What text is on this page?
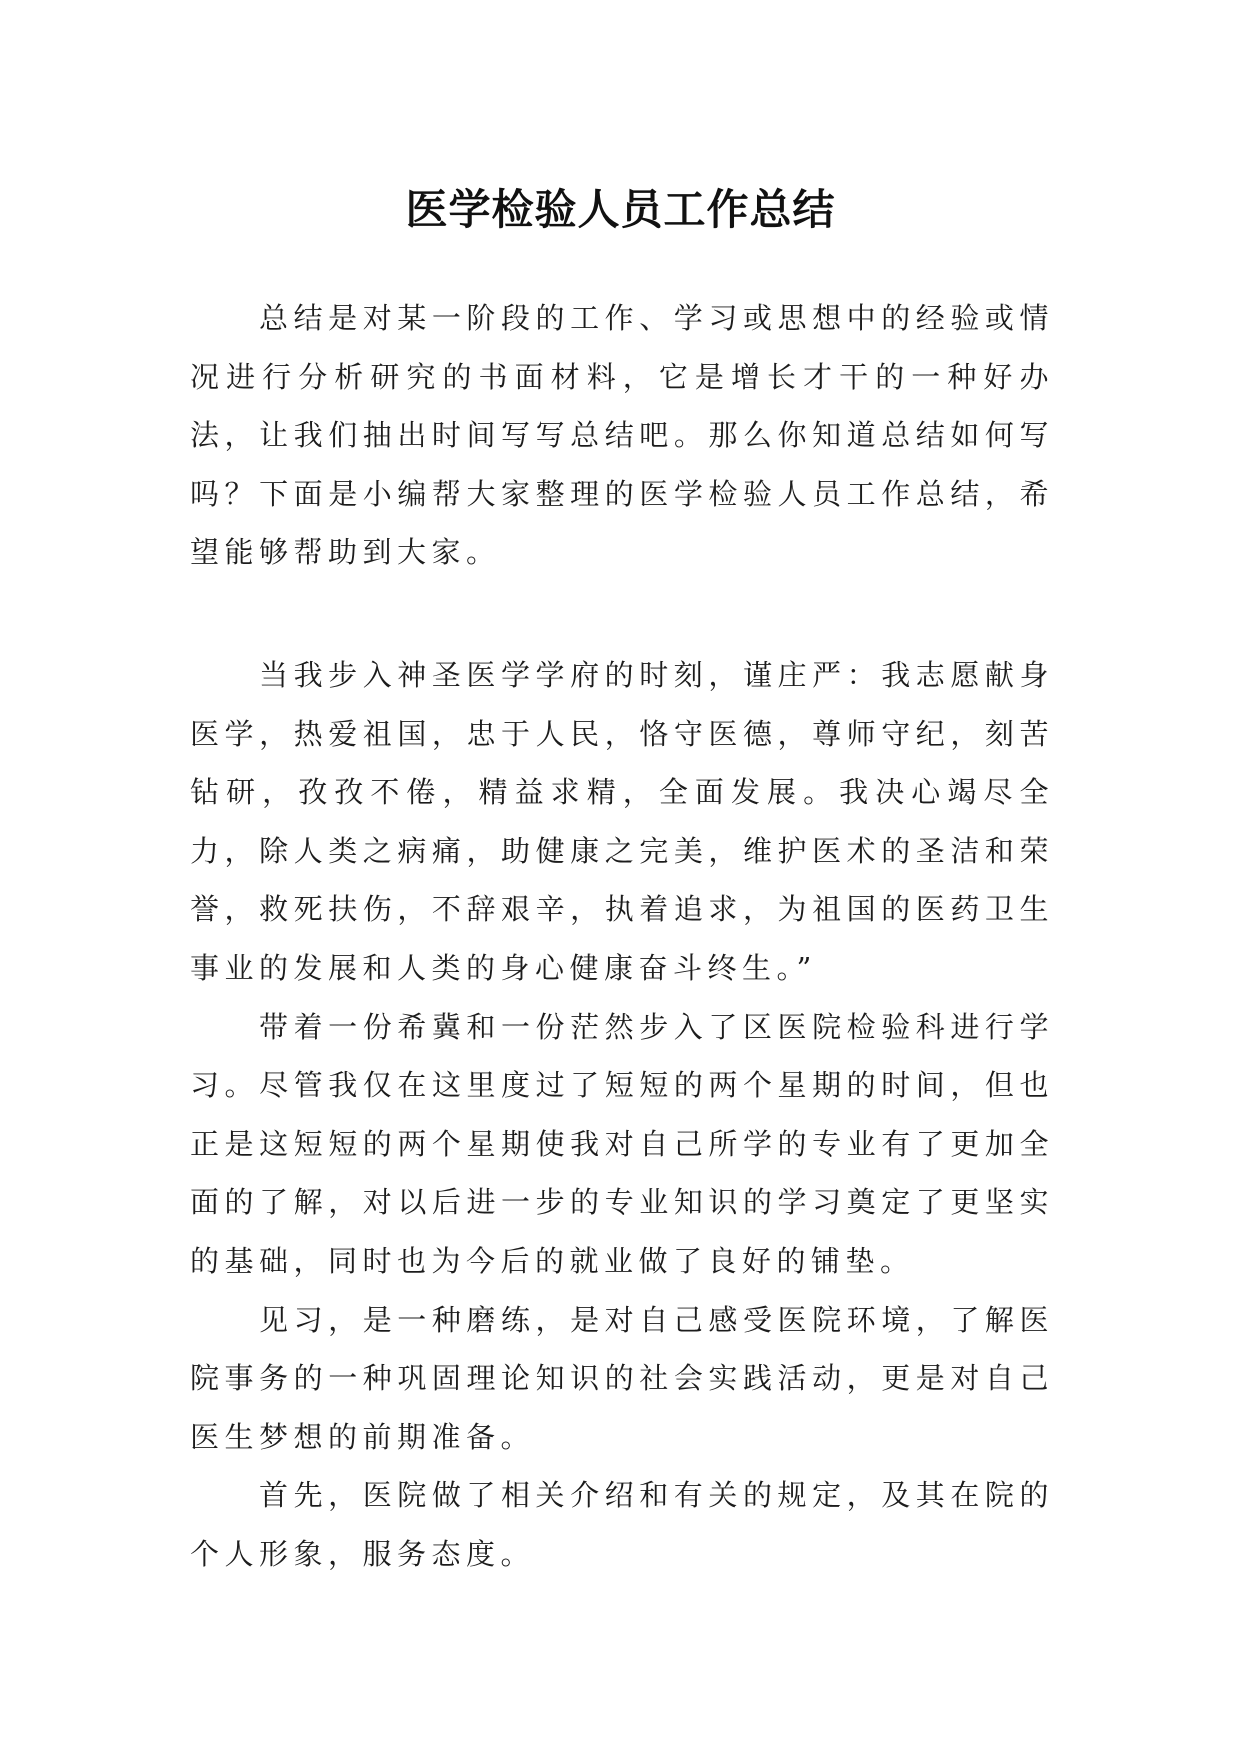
医学检验人员工作总结

总结是对某一阶段的工作、学习或思想中的经验或情况进行分析研究的书面材料，它是增长才干的一种好办法，让我们抽出时间写写总结吧。那么你知道总结如何写吗？下面是小编帮大家整理的医学检验人员工作总结，希望能够帮助到大家。

当我步入神圣医学学府的时刻，谨庄严：我志愿献身医学，热爱祖国，忠于人民，恪守医德，尊师守纪，刻苦钻研，孜孜不倦，精益求精，全面发展。我决心竭尽全力，除人类之病痛，助健康之完美，维护医术的圣洁和荣誉，救死扶伤，不辞艰辛，执着追求，为祖国的医药卫生事业的发展和人类的身心健康奋斗终生。”

带着一份希冀和一份茫然步入了区医院检验科进行学习。尽管我仅在这里度过了短短的两个星期的时间，但也正是这短短的两个星期使我对自己所学的专业有了更加全面的了解，对以后进一步的专业知识的学习奠定了更坚实的基础，同时也为今后的就业做了良好的铺垫。

见习，是一种磨练，是对自己感受医院环境，了解医院事务的一种巩固理论知识的社会实践活动，更是对自己医生梦想的前期准备。

首先，医院做了相关介绍和有关的规定，及其在院的个人形象，服务态度。
